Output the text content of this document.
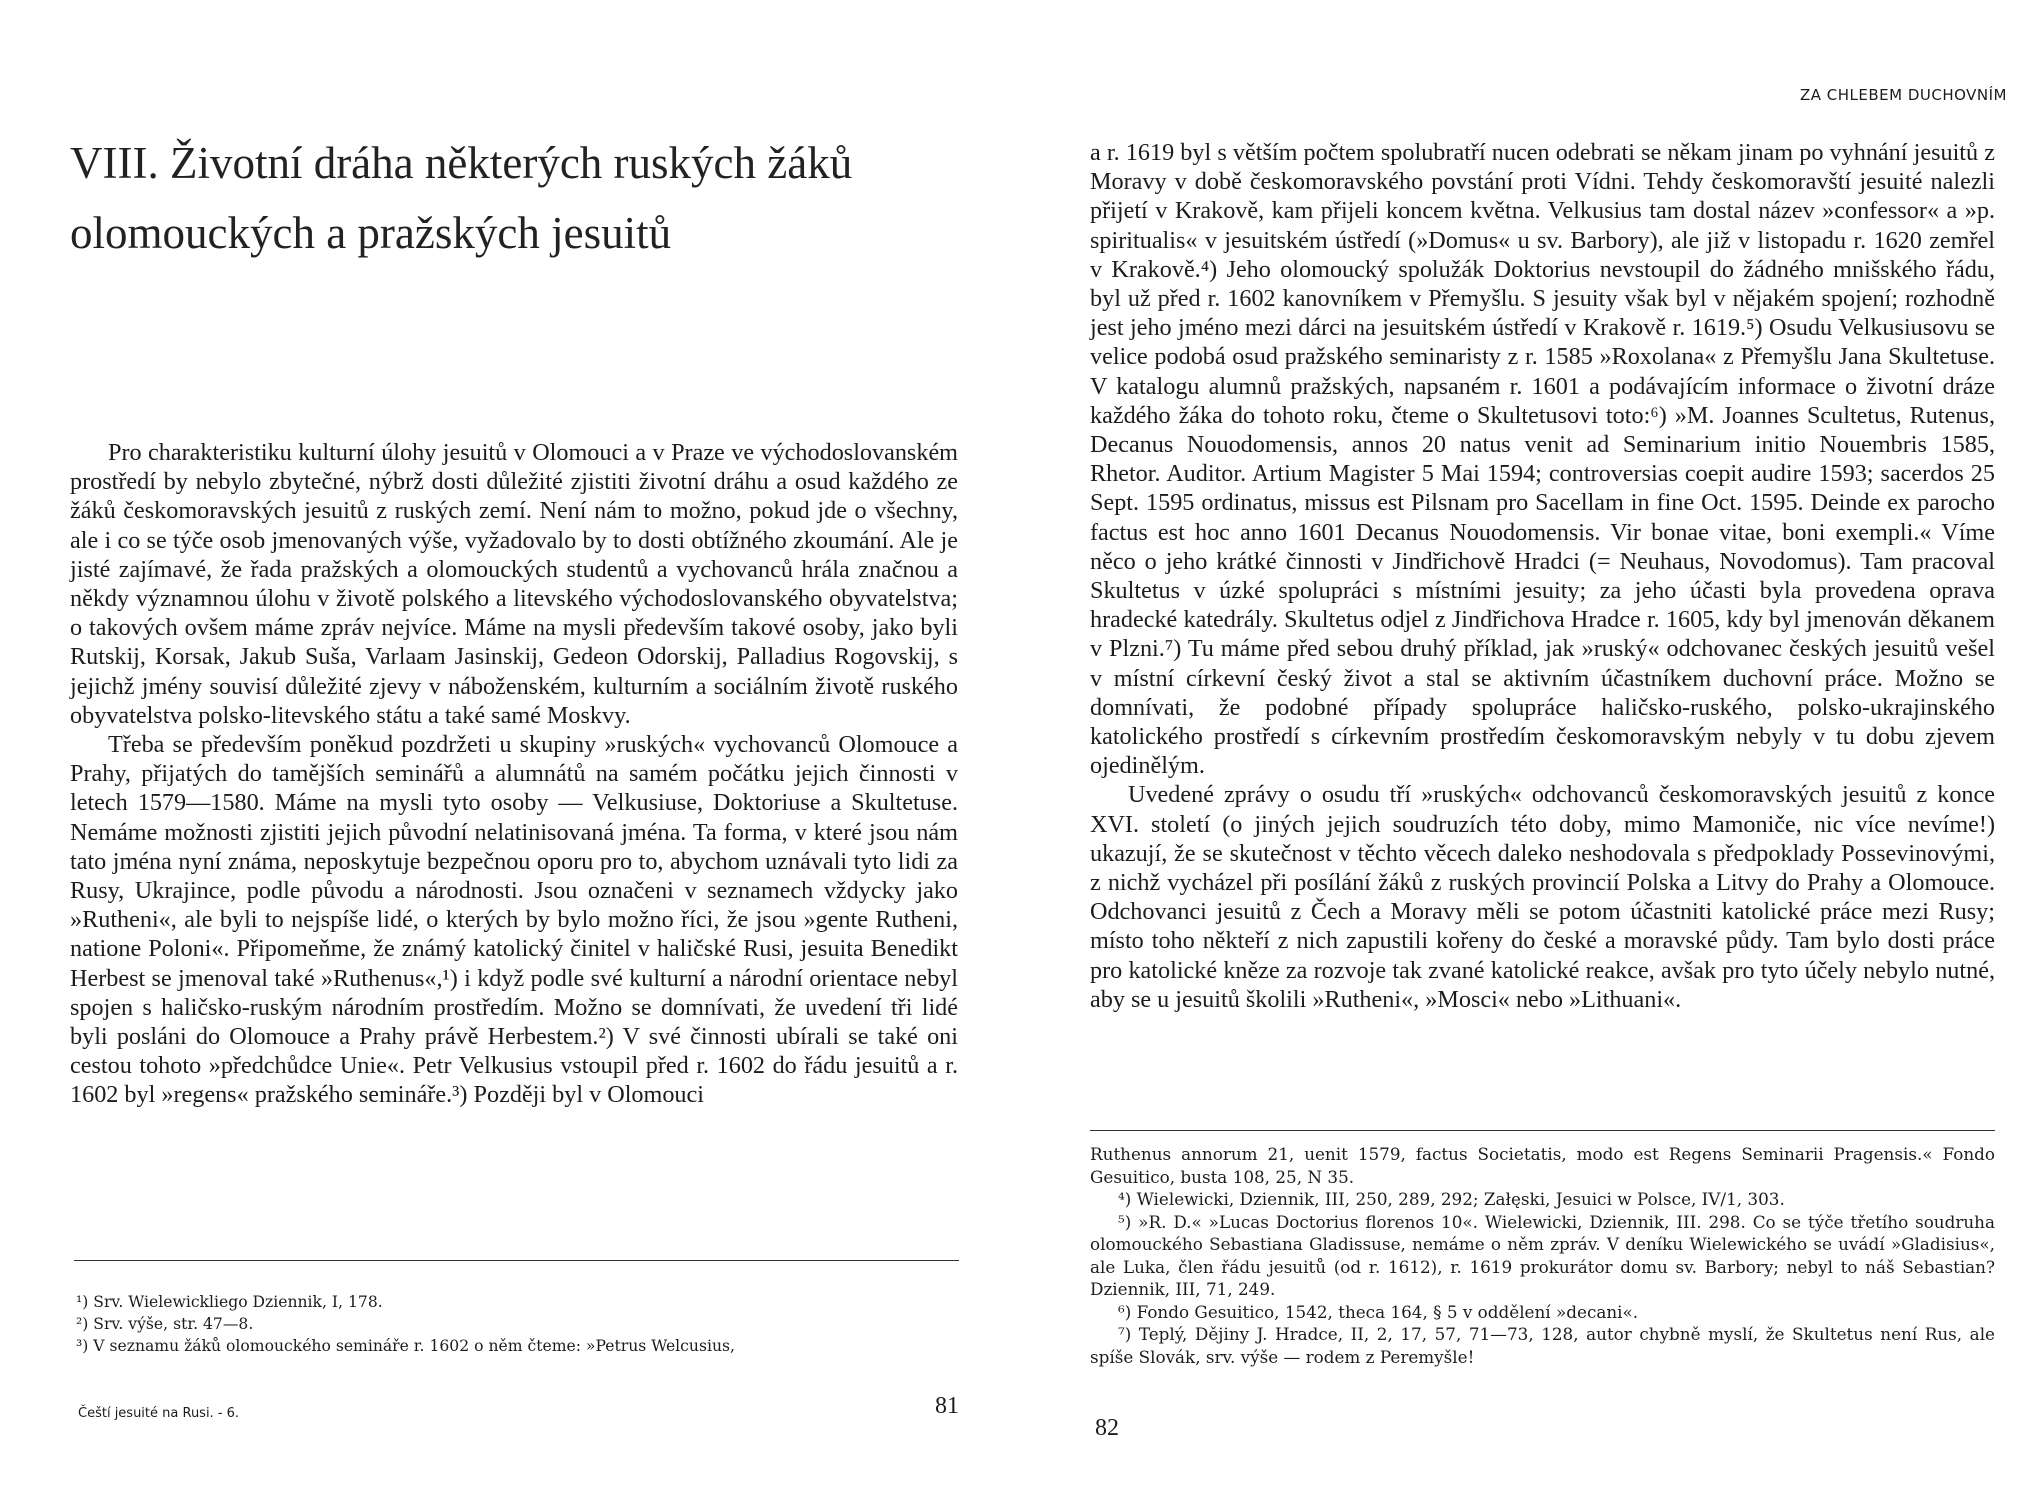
VIII. Životní dráha některých ruských žáků olomouckých a pražských jesuitů

Pro charakteristiku kulturní úlohy jesuitů v Olomouci a v Praze ve východoslovanském prostředí by nebylo zbytečné, nýbrž dosti důležité zjistiti životní dráhu a osud každého ze žáků českomoravských jesuitů z ruských zemí. Není nám to možno, pokud jde o všechny, ale i co se týče osob jmenovaných výše, vyžadovalo by to dosti obtížného zkoumání. Ale je jisté zajímavé, že řada pražských a olomouckých studentů a vychovanců hrála značnou a někdy významnou úlohu v životě polského a litevského východoslovanského obyvatelstva; o takových ovšem máme zpráv nejvíce. Máme na mysli především takové osoby, jako byli Rutskij, Korsak, Jakub Suša, Varlaam Jasinskij, Gedeon Odorskij, Palladius Rogovskij, s jejichž jmény souvisí důležité zjevy v náboženském, kulturním a sociálním životě ruského obyvatelstva polsko-litevského státu a také samé Moskvy.

Třeba se především poněkud pozdržeti u skupiny »ruských« vychovanců Olomouce a Prahy, přijatých do tamějších seminářů a alumnátů na samém počátku jejich činnosti v letech 1579—1580. Máme na mysli tyto osoby — Velkusiuse, Doktoriuse a Skultetuse. Nemáme možnosti zjistiti jejich původní nelatinisovaná jména. Ta forma, v které jsou nám tato jména nyní známa, neposkytuje bezpečnou oporu pro to, abychom uznávali tyto lidi za Rusy, Ukrajince, podle původu a národnosti. Jsou označeni v seznamech vždycky jako »Rutheni«, ale byli to nejspíše lidé, o kterých by bylo možno říci, že jsou »gente Rutheni, natione Poloni«. Připomeňme, že známý katolický činitel v haličské Rusi, jesuita Benedikt Herbest se jmenoval také »Ruthenus«,¹) i když podle své kulturní a národní orientace nebyl spojen s haličsko-ruským národním prostředím. Možno se domnívati, že uvedení tři lidé byli posláni do Olomouce a Prahy právě Herbestem.²) V své činnosti ubírali se také oni cestou tohoto »předchůdce Unie«. Petr Velkusius vstoupil před r. 1602 do řádu jesuitů a r. 1602 byl »regens« pražského semináře.³) Později byl v Olomouci

¹) Srv. Wielewickliego Dziennik, I, 178.
²) Srv. výše, str. 47—8.
³) V seznamu žáků olomouckého semináře r. 1602 o něm čteme: »Petrus Welcusius,

Čeští jesuité na Rusi. - 6.	81

ZA CHLEBEM DUCHOVNÍM

a r. 1619 byl s větším počtem spolubratří nucen odebrati se někam jinam po vyhnání jesuitů z Moravy v době českomoravského povstání proti Vídni. Tehdy českomoravští jesuité nalezli přijetí v Krakově, kam přijeli koncem května. Velkusius tam dostal název »confessor« a »p. spiritualis« v jesuitském ústředí (»Domus« u sv. Barbory), ale již v listopadu r. 1620 zemřel v Krakově.⁴) Jeho olomoucký spolužák Doktorius nevstoupil do žádného mnišského řádu, byl už před r. 1602 kanovníkem v Přemyšlu. S jesuity však byl v nějakém spojení; rozhodně jest jeho jméno mezi dárci na jesuitském ústředí v Krakově r. 1619.⁵) Osudu Velkusiusovu se velice podobá osud pražského seminaristy z r. 1585 »Roxolana« z Přemyšlu Jana Skultetuse. V katalogu alumnů pražských, napsaném r. 1601 a podávajícím informace o životní dráze každého žáka do tohoto roku, čteme o Skultetusovi toto:⁶) »M. Joannes Scultetus, Rutenus, Decanus Nouodomensis, annos 20 natus venit ad Seminarium initio Nouembris 1585, Rhetor. Auditor. Artium Magister 5 Mai 1594; controversias coepit audire 1593; sacerdos 25 Sept. 1595 ordinatus, missus est Pilsnam pro Sacellam in fine Oct. 1595. Deinde ex parocho factus est hoc anno 1601 Decanus Nouodomensis. Vir bonae vitae, boni exempli.« Víme něco o jeho krátké činnosti v Jindřichově Hradci (= Neuhaus, Novodomus). Tam pracoval Skultetus v úzké spolupráci s místními jesuity; za jeho účasti byla provedena oprava hradecké katedrály. Skultetus odjel z Jindřichova Hradce r. 1605, kdy byl jmenován děkanem v Plzni.⁷) Tu máme před sebou druhý příklad, jak »ruský« odchovanec českých jesuitů vešel v místní církevní český život a stal se aktivním účastníkem duchovní práce. Možno se domnívati, že podobné případy spolupráce haličsko-ruského, polsko-ukrajinského katolického prostředí s církevním prostředím českomoravským nebyly v tu dobu zjevem ojedinělým.

Uvedené zprávy o osudu tří »ruských« odchovanců českomoravských jesuitů z konce XVI. století (o jiných jejich soudruzích této doby, mimo Mamoniče, nic více nevíme!) ukazují, že se skutečnost v těchto věcech daleko neshodovala s předpoklady Possevinovými, z nichž vycházel při posílání žáků z ruských provincií Polska a Litvy do Prahy a Olomouce. Odchovanci jesuitů z Čech a Moravy měli se potom účastniti katolické práce mezi Rusy; místo toho někteří z nich zapustili kořeny do české a moravské půdy. Tam bylo dosti práce pro katolické kněze za rozvoje tak zvané katolické reakce, avšak pro tyto účely nebylo nutné, aby se u jesuitů školili »Rutheni«, »Mosci« nebo »Lithuani«.

Ruthenus annorum 21, uenit 1579, factus Societatis, modo est Regens Seminarii Pragensis.« Fondo Gesuitico, busta 108, 25, N 35.
⁴) Wielewicki, Dziennik, III, 250, 289, 292; Załęski, Jesuici w Polsce, IV/1, 303.
⁵) »R. D.« »Lucas Doctorius florenos 10«. Wielewicki, Dziennik, III. 298. Co se týče třetího soudruha olomouckého Sebastiana Gladissuse, nemáme o něm zpráv. V deníku Wielewického se uvádí »Gladisius«, ale Luka, člen řádu jesuitů (od r. 1612), r. 1619 prokurátor domu sv. Barbory; nebyl to náš Sebastian? Dziennik, III, 71, 249.
⁶) Fondo Gesuitico, 1542, theca 164, § 5 v oddělení »decani«.
⁷) Teplý, Dějiny J. Hradce, II, 2, 17, 57, 71—73, 128, autor chybně myslí, že Skultetus není Rus, ale spíše Slovák, srv. výše — rodem z Peremyšle!

82
